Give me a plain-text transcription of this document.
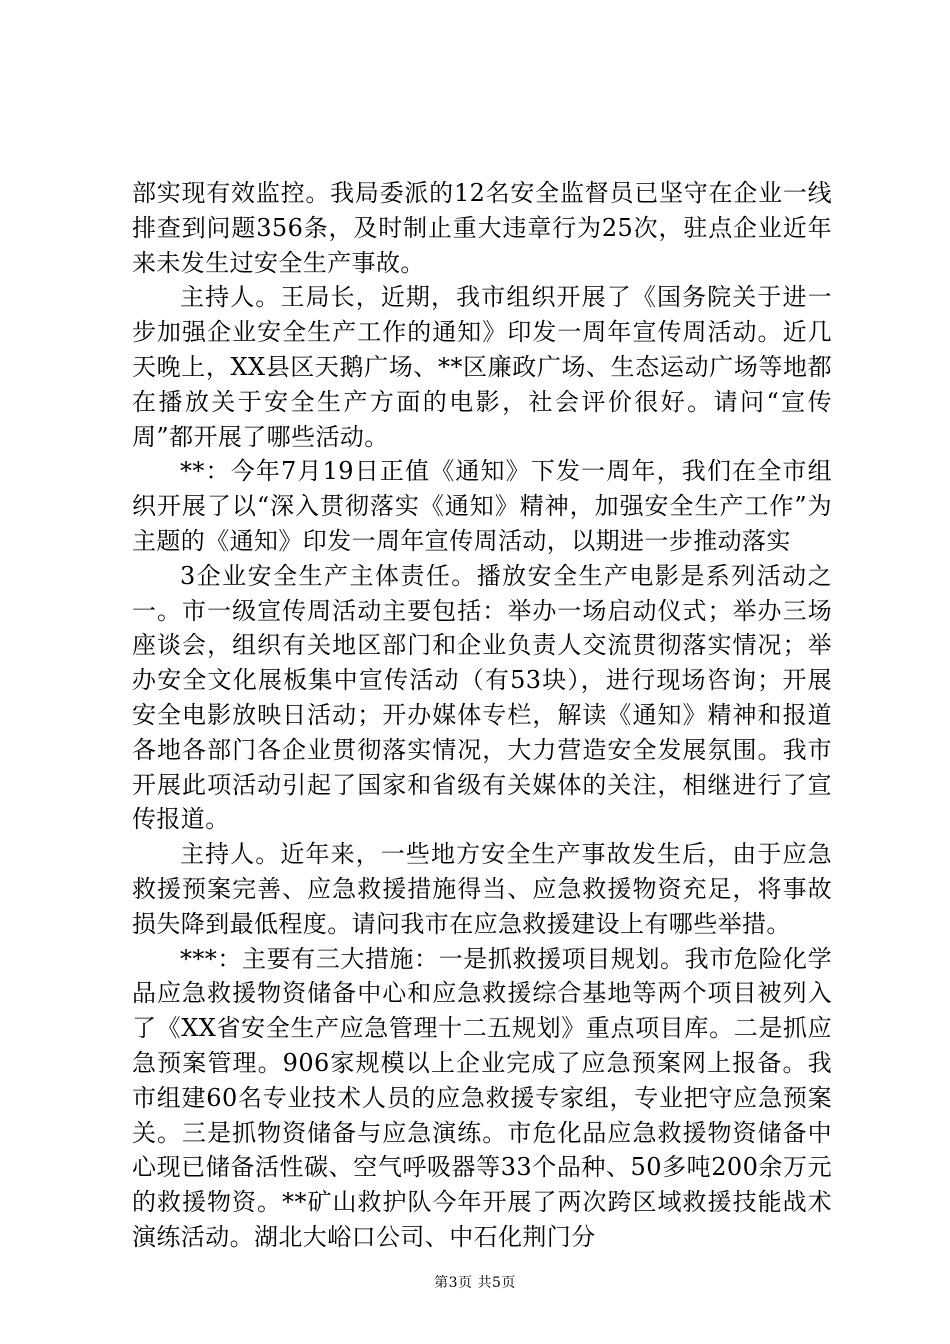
部实现有效监控。我局委派的12名安全监督员已坚守在企业一线排查到问题356条，及时制止重大违章行为25次，驻点企业近年来未发生过安全生产事故。

主持人。王局长，近期，我市组织开展了《国务院关于进一步加强企业安全生产工作的通知》印发一周年宣传周活动。近几天晚上，XX县区天鹅广场、**区廉政广场、生态运动广场等地都在播放关于安全生产方面的电影，社会评价很好。请问“宣传周”都开展了哪些活动。

**：今年7月19日正值《通知》下发一周年，我们在全市组织开展了以“深入贯彻落实《通知》精神，加强安全生产工作”为主题的《通知》印发一周年宣传周活动，以期进一步推动落实

3企业安全生产主体责任。播放安全生产电影是系列活动之一。市一级宣传周活动主要包括：举办一场启动仪式；举办三场座谈会，组织有关地区部门和企业负责人交流贯彻落实情况；举办安全文化展板集中宣传活动（有53块），进行现场咨询；开展安全电影放映日活动；开办媒体专栏，解读《通知》精神和报道各地各部门各企业贯彻落实情况，大力营造安全发展氛围。我市开展此项活动引起了国家和省级有关媒体的关注，相继进行了宣传报道。

主持人。近年来，一些地方安全生产事故发生后，由于应急救援预案完善、应急救援措施得当、应急救援物资充足，将事故损失降到最低程度。请问我市在应急救援建设上有哪些举措。

***：主要有三大措施：一是抓救援项目规划。我市危险化学品应急救援物资储备中心和应急救援综合基地等两个项目被列入了《XX省安全生产应急管理十二五规划》重点项目库。二是抓应急预案管理。906家规模以上企业完成了应急预案网上报备。我市组建60名专业技术人员的应急救援专家组，专业把守应急预案关。三是抓物资储备与应急演练。市危化品应急救援物资储备中心现已储备活性碳、空气呼吸器等33个品种、50多吨200余万元的救援物资。**矿山救护队今年开展了两次跨区域救援技能战术演练活动。湖北大峪口公司、中石化荆门分

第3页 共5页
